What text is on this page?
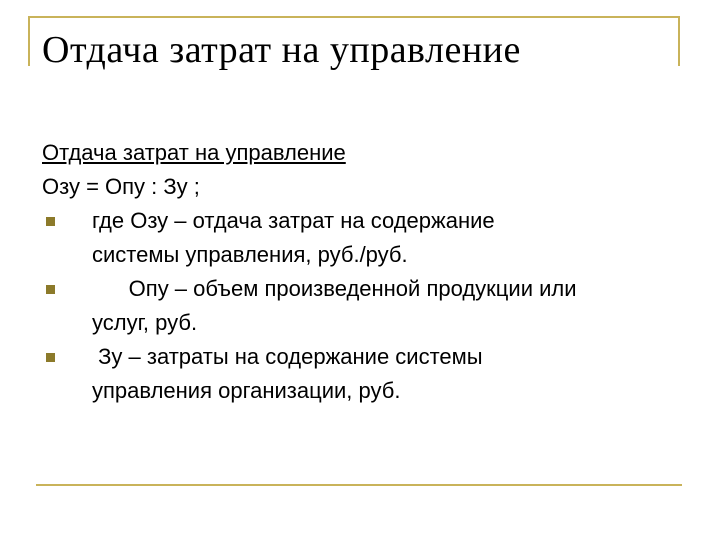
Отдача затрат на управление
Отдача затрат на управление
Озу = Опу : Зу ;
где Озу – отдача затрат на содержание
системы управления, руб./руб.
Опу – объем произведенной продукции или
услуг, руб.
Зу – затраты на содержание системы
управления организации, руб.
